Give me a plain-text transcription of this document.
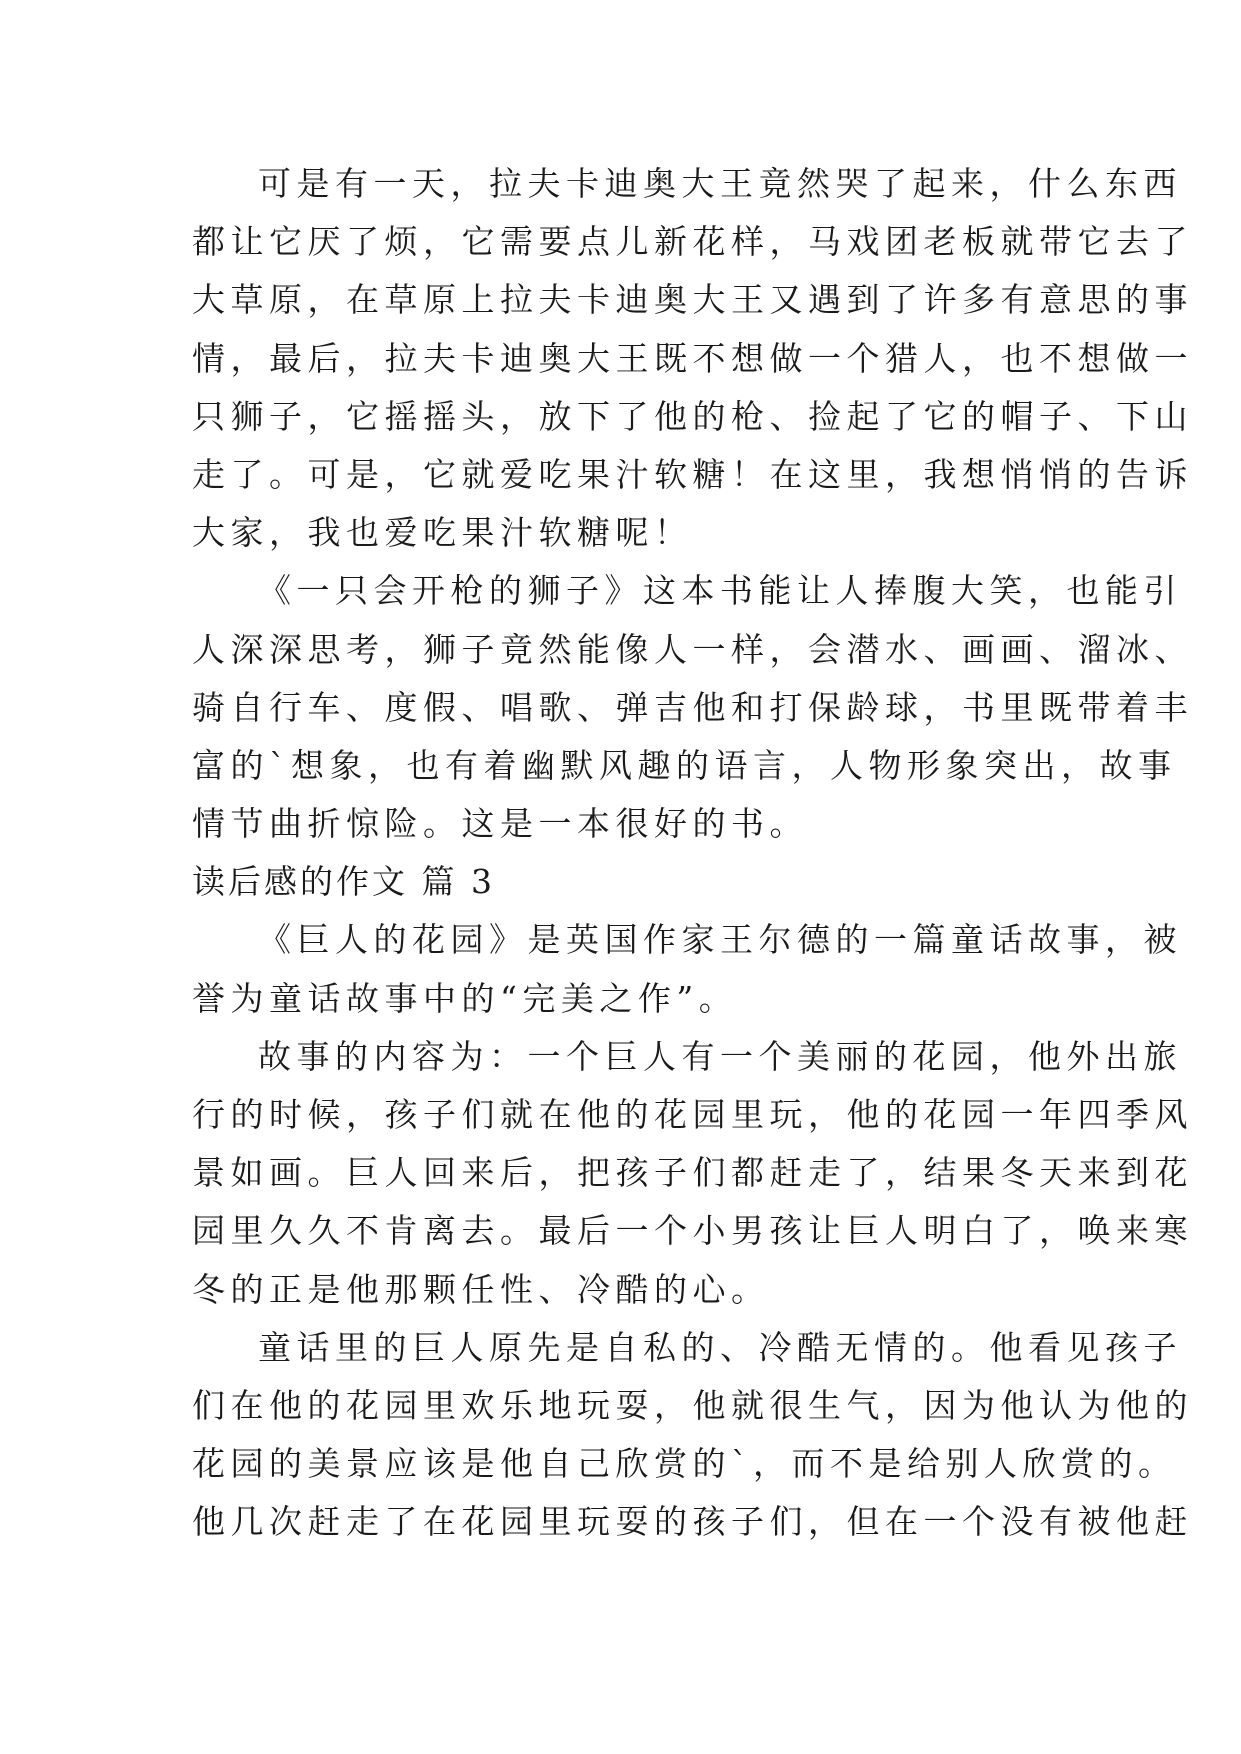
可是有一天，拉夫卡迪奥大王竟然哭了起来，什么东西
都让它厌了烦，它需要点儿新花样，马戏团老板就带它去了
大草原，在草原上拉夫卡迪奥大王又遇到了许多有意思的事
情，最后，拉夫卡迪奥大王既不想做一个猎人，也不想做一
只狮子，它摇摇头，放下了他的枪、捡起了它的帽子、下山
走了。可是，它就爱吃果汁软糖！在这里，我想悄悄的告诉
大家，我也爱吃果汁软糖呢！
《一只会开枪的狮子》这本书能让人捧腹大笑，也能引
人深深思考，狮子竟然能像人一样，会潜水、画画、溜冰、
骑自行车、度假、唱歌、弹吉他和打保龄球，书里既带着丰
富的`想象，也有着幽默风趣的语言，人物形象突出，故事
情节曲折惊险。这是一本很好的书。
读后感的作文 篇 3
《巨人的花园》是英国作家王尔德的一篇童话故事，被
誉为童话故事中的“完美之作”。
故事的内容为：一个巨人有一个美丽的花园，他外出旅
行的时候，孩子们就在他的花园里玩，他的花园一年四季风
景如画。巨人回来后，把孩子们都赶走了，结果冬天来到花
园里久久不肯离去。最后一个小男孩让巨人明白了，唤来寒
冬的正是他那颗任性、冷酷的心。
童话里的巨人原先是自私的、冷酷无情的。他看见孩子
们在他的花园里欢乐地玩耍，他就很生气，因为他认为他的
花园的美景应该是他自己欣赏的`，而不是给别人欣赏的。
他几次赶走了在花园里玩耍的孩子们，但在一个没有被他赶
